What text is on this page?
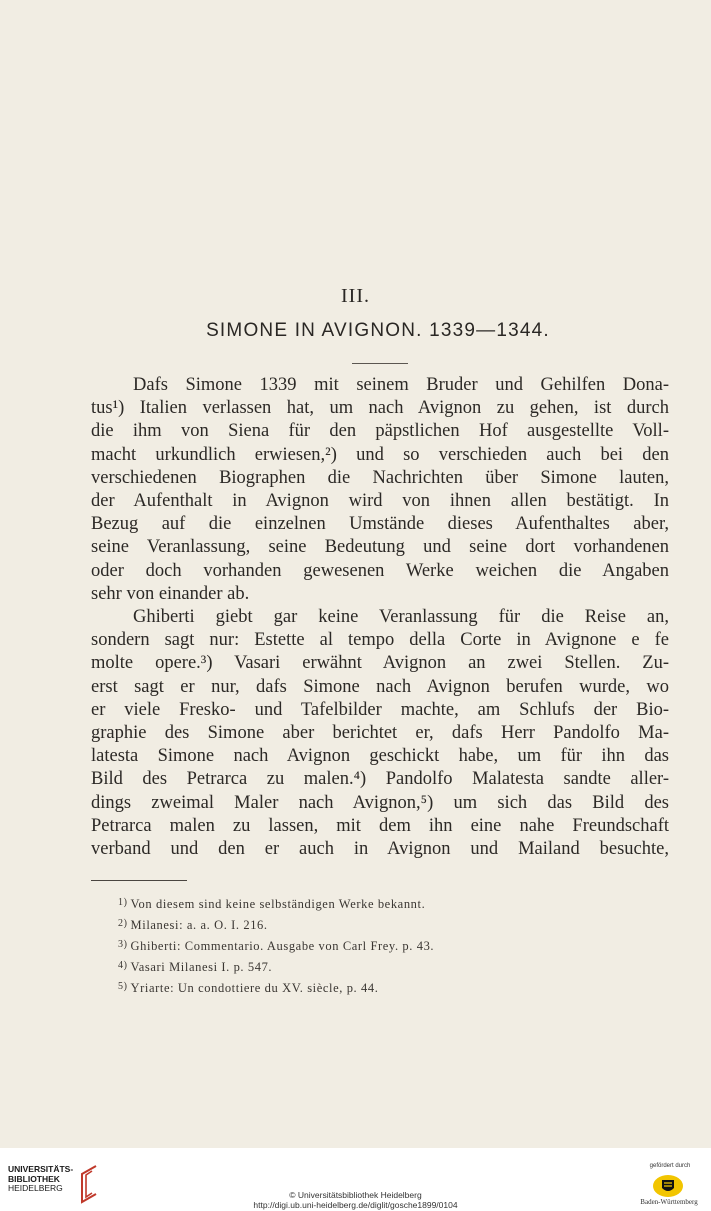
III.
SIMONE IN AVIGNON. 1339—1344.
Dafs Simone 1339 mit seinem Bruder und Gehilfen Dona-
tus¹) Italien verlassen hat, um nach Avignon zu gehen, ist durch
die ihm von Siena für den päpstlichen Hof ausgestellte Voll-
macht urkundlich erwiesen,²) und so verschieden auch bei den
verschiedenen Biographen die Nachrichten über Simone lauten,
der Aufenthalt in Avignon wird von ihnen allen bestätigt. In
Bezug auf die einzelnen Umstände dieses Aufenthaltes aber,
seine Veranlassung, seine Bedeutung und seine dort vorhandenen
oder doch vorhanden gewesenen Werke weichen die Angaben
sehr von einander ab.
Ghiberti giebt gar keine Veranlassung für die Reise an,
sondern sagt nur: Estette al tempo della Corte in Avignone e fe
molte opere.³) Vasari erwähnt Avignon an zwei Stellen. Zu-
erst sagt er nur, dafs Simone nach Avignon berufen wurde, wo
er viele Fresko- und Tafelbilder machte, am Schlufs der Bio-
graphie des Simone aber berichtet er, dafs Herr Pandolfo Ma-
latesta Simone nach Avignon geschickt habe, um für ihn das
Bild des Petrarca zu malen.⁴) Pandolfo Malatesta sandte aller-
dings zweimal Maler nach Avignon,⁵) um sich das Bild des
Petrarca malen zu lassen, mit dem ihn eine nahe Freundschaft
verband und den er auch in Avignon und Mailand besuchte,
$^{1)}$ Von diesem sind keine selbständigen Werke bekannt.
$^{2)}$ Milanesi: a. a. O. I. 216.
$^{3)}$ Ghiberti: Commentario. Ausgabe von Carl Frey. p. 43.
$^{4)}$ Vasari Milanesi I. p. 547.
$^{5)}$ Yriarte: Un condottiere du XV. siècle, p. 44.
UNIVERSITÄTS-
BIBLIOTHEK
HEIDELBERG
© Universitätsbibliothek Heidelberg
http://digi.ub.uni-heidelberg.de/diglit/gosche1899/0104
gefördert durch
Baden-Württemberg
